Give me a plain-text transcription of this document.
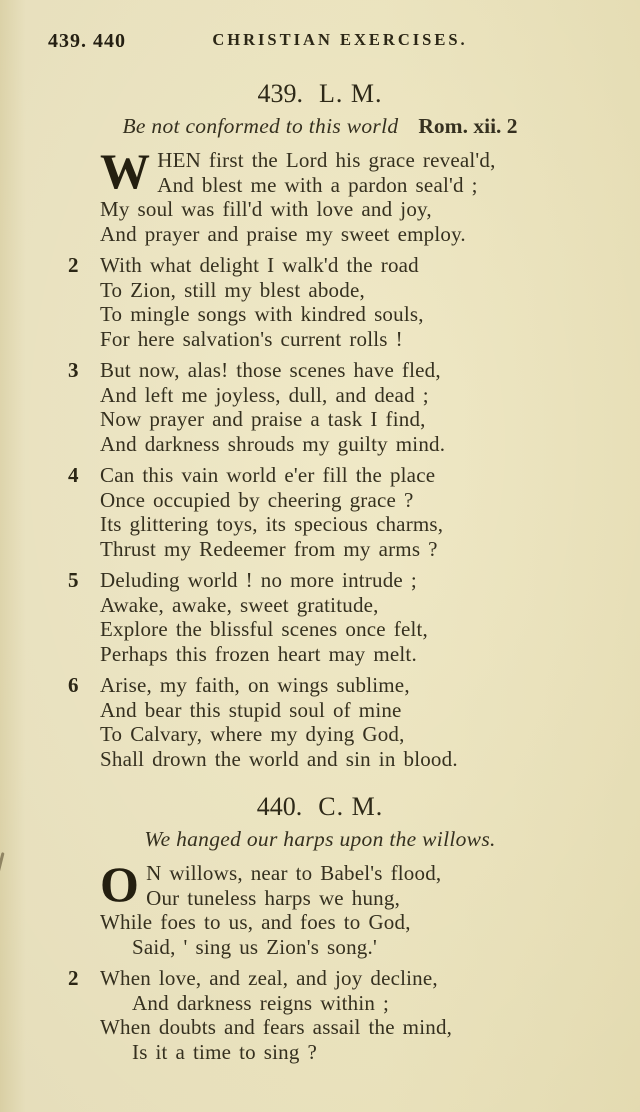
439. 440	CHRISTIAN EXERCISES.
439. L. M.
Be not conformed to this world Rom. xii. 2
WHEN first the Lord his grace reveal'd,
And blest me with a pardon seal'd ;
My soul was fill'd with love and joy,
And prayer and praise my sweet employ.
2 With what delight I walk'd the road
To Zion, still my blest abode,
To mingle songs with kindred souls,
For here salvation's current rolls !
3 But now, alas! those scenes have fled,
And left me joyless, dull, and dead ;
Now prayer and praise a task I find,
And darkness shrouds my guilty mind.
4 Can this vain world e'er fill the place
Once occupied by cheering grace ?
Its glittering toys, its specious charms,
Thrust my Redeemer from my arms ?
5 Deluding world ! no more intrude ;
Awake, awake, sweet gratitude,
Explore the blissful scenes once felt,
Perhaps this frozen heart may melt.
6 Arise, my faith, on wings sublime,
And bear this stupid soul of mine
To Calvary, where my dying God,
Shall drown the world and sin in blood.
440. C. M.
We hanged our harps upon the willows.
O N willows, near to Babel's flood,
Our tuneless harps we hung,
While foes to us, and foes to God,
Said, ' sing us Zion's song.'
2 When love, and zeal, and joy decline,
And darkness reigns within ;
When doubts and fears assail the mind,
Is it a time to sing ?
